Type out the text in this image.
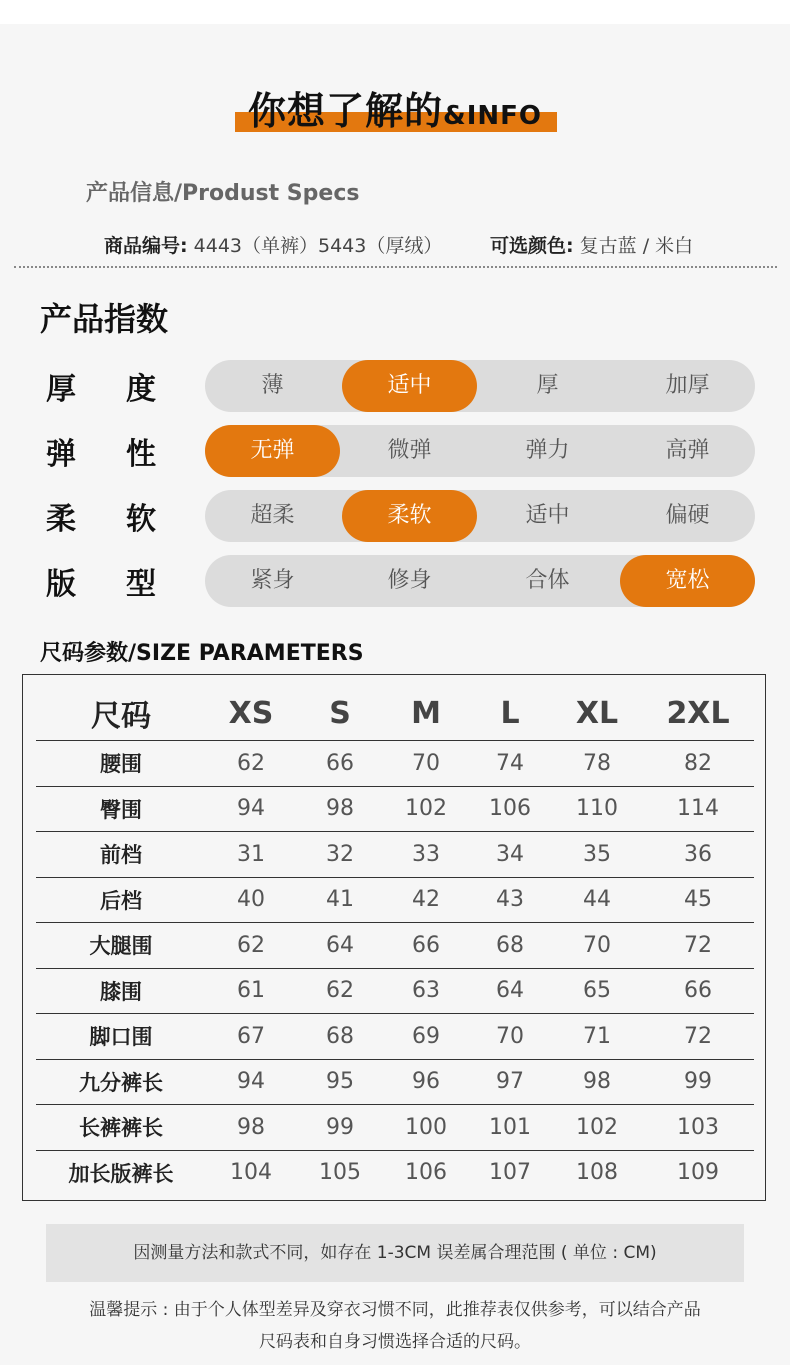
你想了解的&INFO
产品信息/Produst Specs
商品编号: 4443（单裤）5443（厚绒）	可选颜色: 复古蓝 / 米白
产品指数
厚 度	薄	适中	厚	加厚
弹 性	无弹	微弹	弹力	高弹
柔 软	超柔	柔软	适中	偏硬
版 型	紧身	修身	合体	宽松
尺码参数/SIZE PARAMETERS
尺码	XS	S	M	L	XL	2XL
腰围	62	66	70	74	78	82
臀围	94	98	102	106	110	114
前档	31	32	33	34	35	36
后档	40	41	42	43	44	45
大腿围	62	64	66	68	70	72
膝围	61	62	63	64	65	66
脚口围	67	68	69	70	71	72
九分裤长	94	95	96	97	98	99
长裤裤长	98	99	100	101	102	103
加长版裤长	104	105	106	107	108	109
因测量方法和款式不同，如存在 1-3CM 误差属合理范围 ( 单位 : CM)
温馨提示 : 由于个人体型差异及穿衣习惯不同，此推荐表仅供参考，可以结合产品
尺码表和自身习惯选择合适的尺码。
